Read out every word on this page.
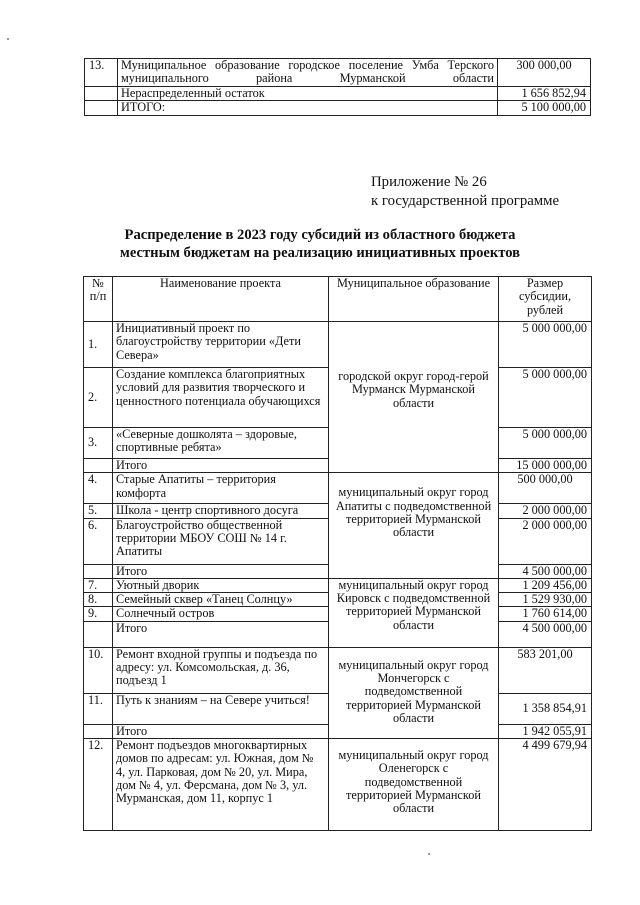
13.	Муниципальное образование городское поселение Умба Терского муниципального района Мурманской области	300 000,00
	Нераспределенный остаток	1 656 852,94
	ИТОГО:	5 100 000,00
Приложение № 26
к государственной программе
Распределение в 2023 году субсидий из областного бюджета местным бюджетам на реализацию инициативных проектов
№ п/п	Наименование проекта	Муниципальное образование	Размер субсидии, рублей
1.	Инициативный проект по благоустройству территории «Дети Севера»	городской округ город-герой Мурманск Мурманской области	5 000 000,00
2.	Создание комплекса благоприятных условий для развития творческого и ценностного потенциала обучающихся		5 000 000,00
3.	«Северные дошколята – здоровые, спортивные ребята»		5 000 000,00
	Итого		15 000 000,00
4.	Старые Апатиты – территория комфорта	муниципальный округ город Апатиты с подведомственной территорией Мурманской области	500 000,00
5.	Школа - центр спортивного досуга		2 000 000,00
6.	Благоустройство общественной территории МБОУ СОШ № 14 г. Апатиты		2 000 000,00
	Итого		4 500 000,00
7.	Уютный дворик	муниципальный округ город Кировск с подведомственной территорией Мурманской области	1 209 456,00
8.	Семейный сквер «Танец Солнцу»		1 529 930,00
9.	Солнечный остров		1 760 614,00
	Итого		4 500 000,00
10.	Ремонт входной группы и подъезда по адресу: ул. Комсомольская, д. 36, подъезд 1	муниципальный округ город Мончегорск с подведомственной территорией Мурманской области	583 201,00
11.	Путь к знаниям – на Севере учиться!		1 358 854,91
	Итого		1 942 055,91
12.	Ремонт подъездов многоквартирных домов по адресам: ул. Южная, дом № 4, ул. Парковая, дом № 20, ул. Мира, дом № 4, ул. Ферсмана, дом № 3, ул. Мурманская, дом 11, корпус 1	муниципальный округ город Оленегорск с подведомственной территорией Мурманской области	4 499 679,94
